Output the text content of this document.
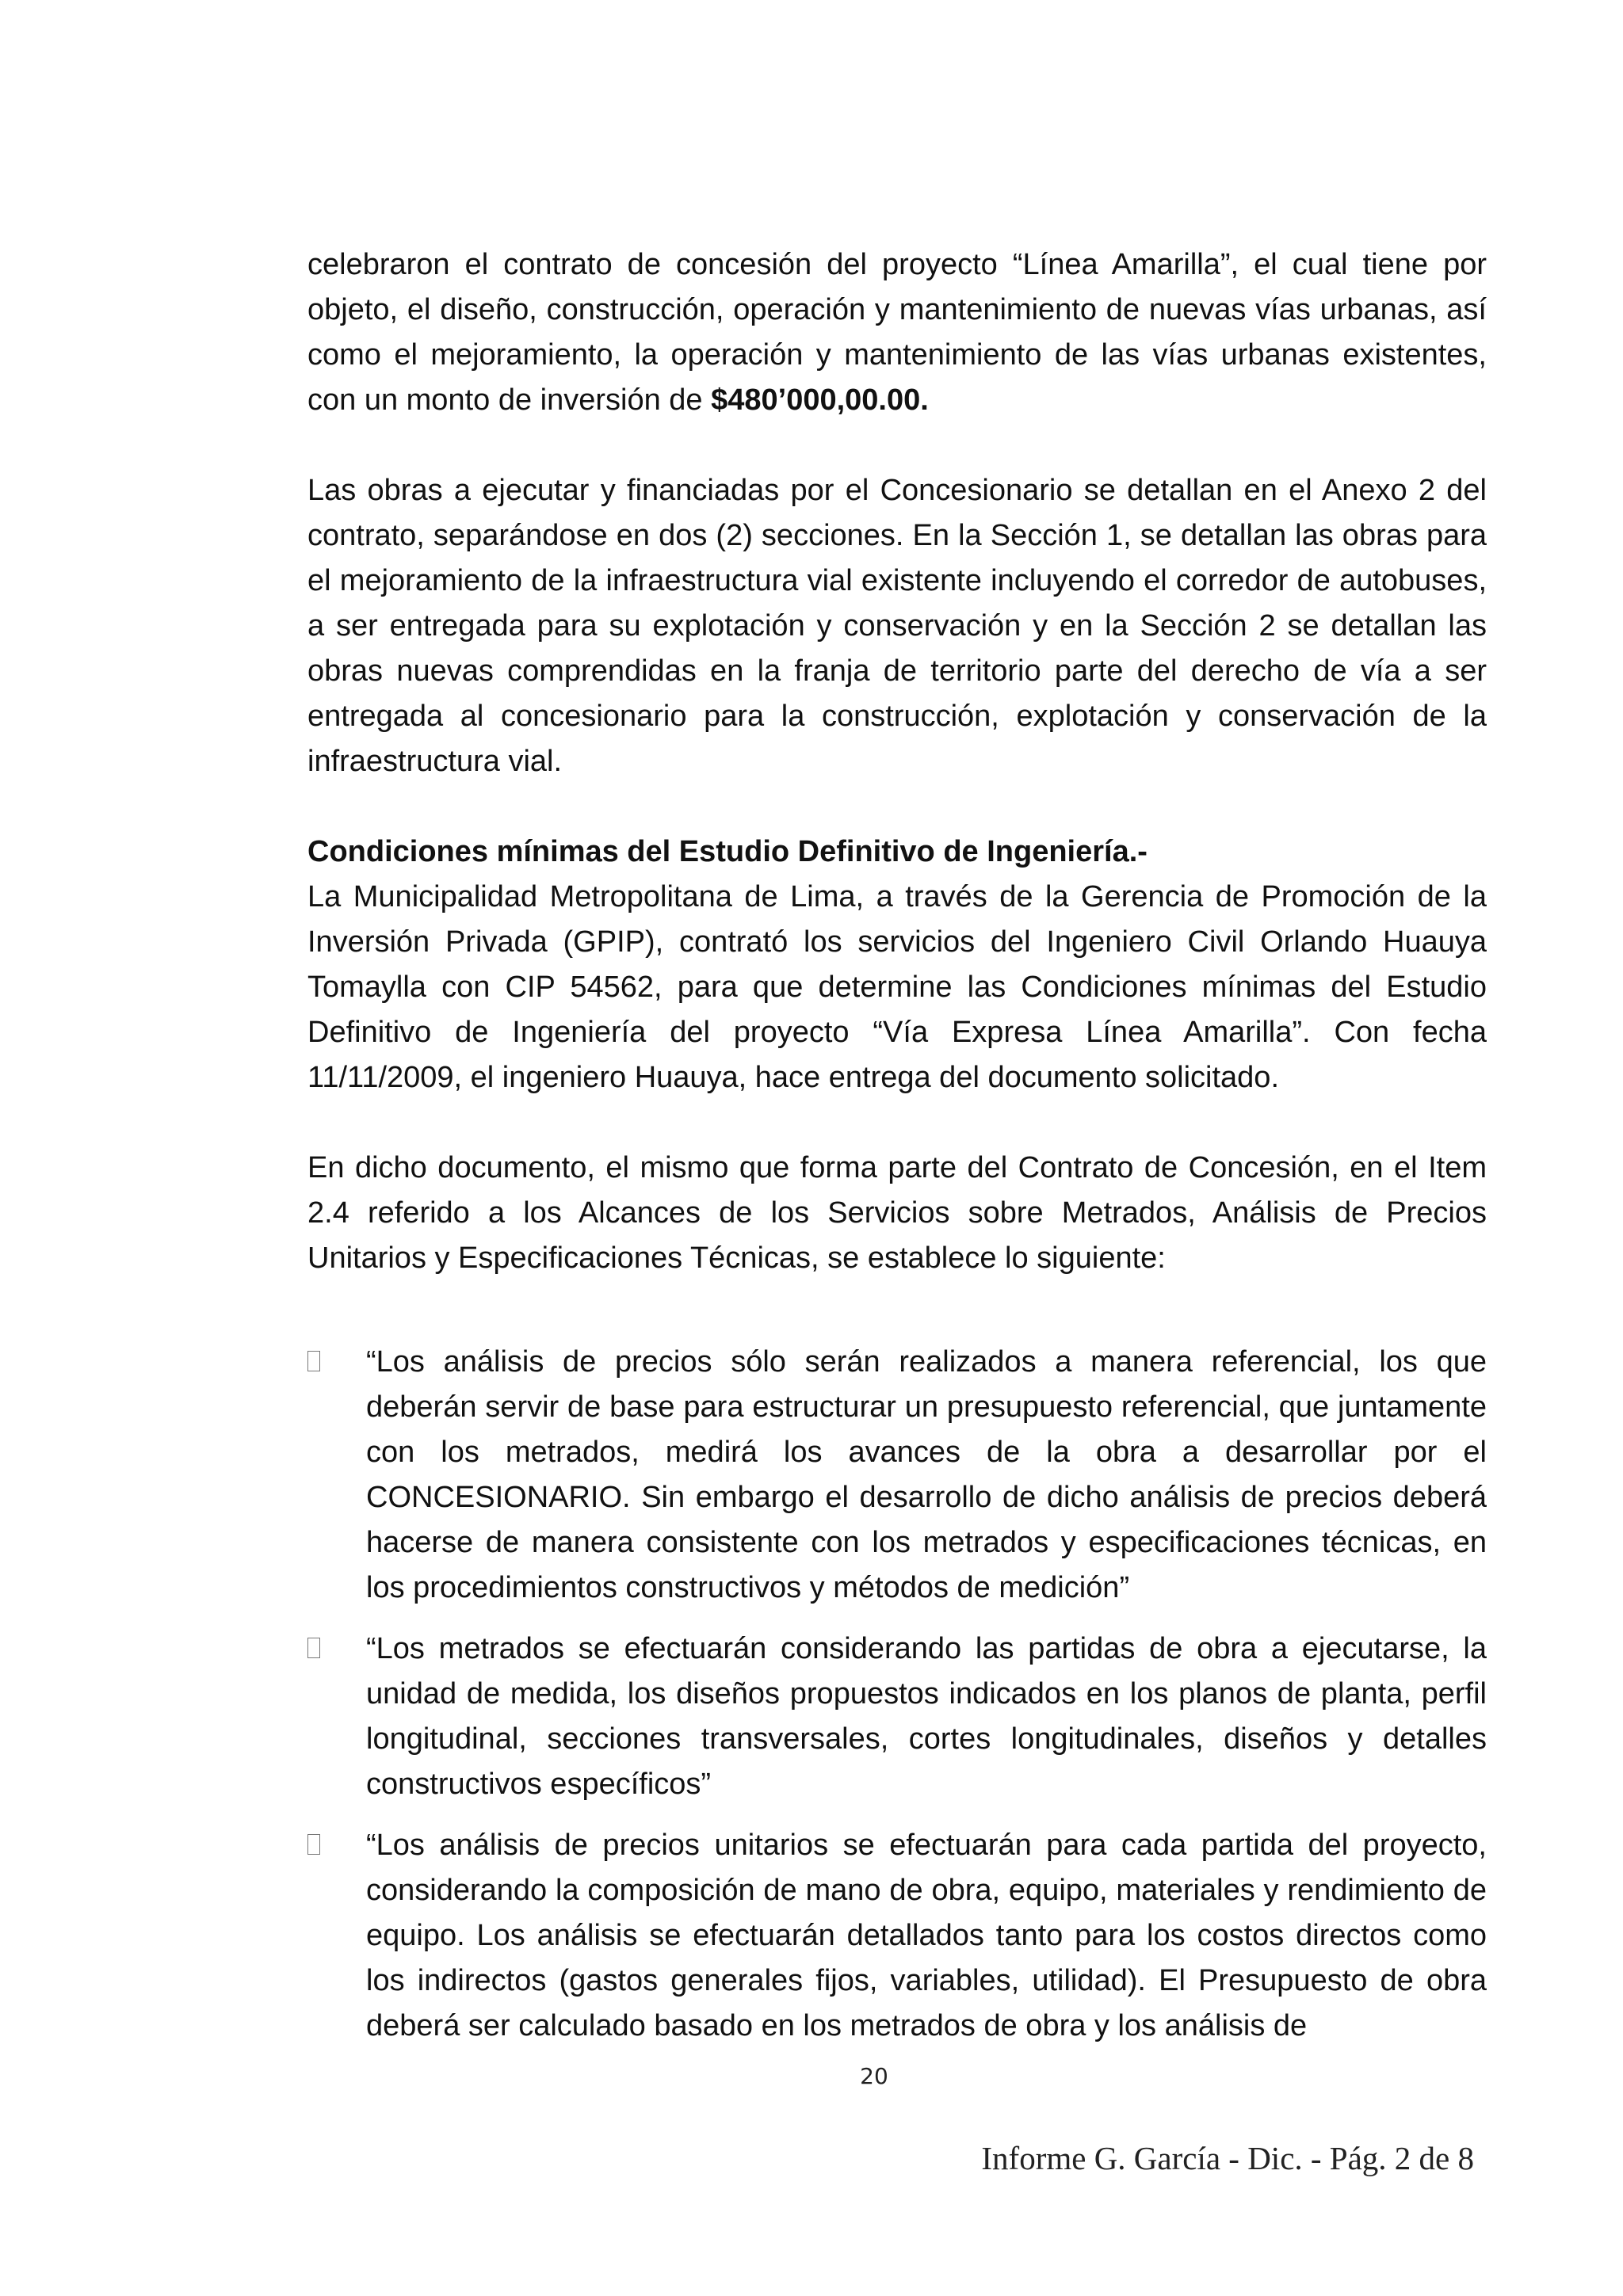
celebraron el contrato de concesión del proyecto “Línea Amarilla”, el cual tiene por objeto, el diseño, construcción, operación y mantenimiento de nuevas vías urbanas, así como el mejoramiento, la operación y mantenimiento de las vías urbanas existentes, con un monto de inversión de $480’000,00.00.

Las obras a ejecutar y financiadas por el Concesionario se detallan en el Anexo 2 del contrato, separándose en dos (2) secciones. En la Sección 1, se detallan las obras para el mejoramiento de la infraestructura vial existente incluyendo el corredor de autobuses, a ser entregada para su explotación y conservación y en la Sección 2 se detallan las obras nuevas comprendidas en la franja de territorio parte del derecho de vía a ser entregada al concesionario para la construcción, explotación y conservación de la infraestructura vial.

Condiciones mínimas del Estudio Definitivo de Ingeniería.-

La Municipalidad Metropolitana de Lima, a través de la Gerencia de Promoción de la Inversión Privada (GPIP), contrató los servicios del Ingeniero Civil Orlando Huauya Tomaylla con CIP 54562, para que determine las Condiciones mínimas del Estudio Definitivo de Ingeniería del proyecto “Vía Expresa Línea Amarilla”. Con fecha 11/11/2009, el ingeniero Huauya, hace entrega del documento solicitado.

En dicho documento, el mismo que forma parte del Contrato de Concesión, en el Item 2.4 referido a los Alcances de los Servicios sobre Metrados, Análisis de Precios Unitarios y Especificaciones Técnicas, se establece lo siguiente:

“Los análisis de precios sólo serán realizados a manera referencial, los que deberán servir de base para estructurar un presupuesto referencial, que juntamente con los metrados, medirá los avances de la obra a desarrollar por el CONCESIONARIO. Sin embargo el desarrollo de dicho análisis de precios deberá hacerse de manera consistente con los metrados y especificaciones técnicas, en los procedimientos constructivos y métodos de medición”

“Los metrados se efectuarán considerando las partidas de obra a ejecutarse, la unidad de medida, los diseños propuestos indicados en los planos de planta, perfil longitudinal, secciones transversales, cortes longitudinales, diseños y detalles constructivos específicos”

“Los análisis de precios unitarios se efectuarán para cada partida del proyecto, considerando la composición de mano de obra, equipo, materiales y rendimiento de equipo. Los análisis se efectuarán detallados tanto para los costos directos como los indirectos (gastos generales fijos, variables, utilidad). El Presupuesto de obra deberá ser calculado basado en los metrados de obra y los análisis de

20
Informe G. García - Dic. - Pág. 2 de 8
